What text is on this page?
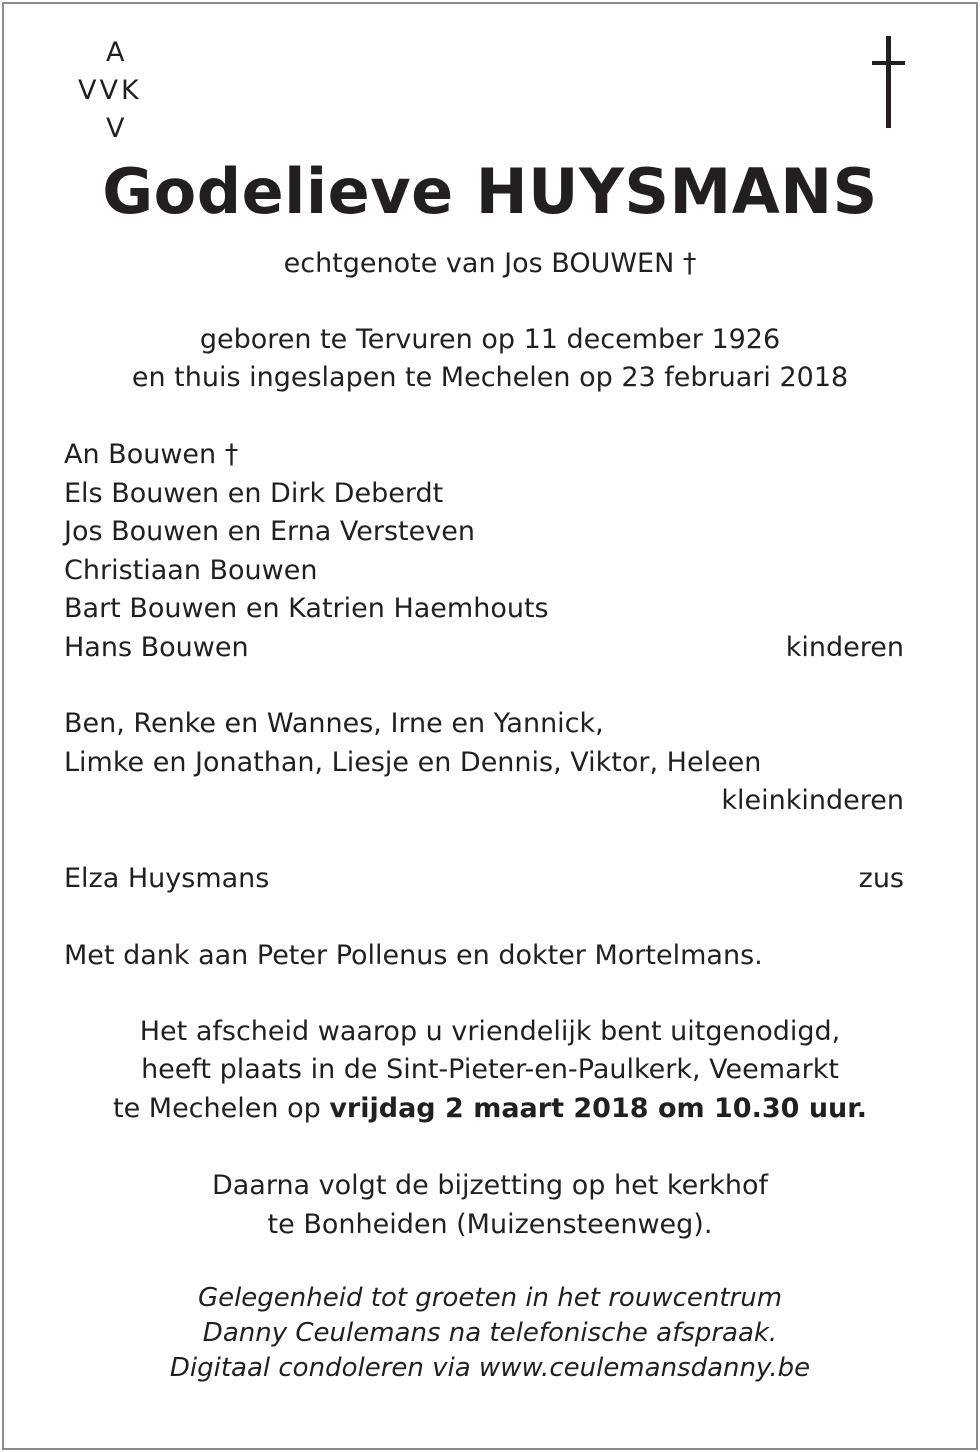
A
VVK
V
Godelieve HUYSMANS
echtgenote van Jos BOUWEN †
geboren te Tervuren op 11 december 1926
en thuis ingeslapen te Mechelen op 23 februari 2018
An Bouwen †
Els Bouwen en Dirk Deberdt
Jos Bouwen en Erna Versteven
Christiaan Bouwen
Bart Bouwen en Katrien Haemhouts
Hans Bouwen	kinderen
Ben, Renke en Wannes, Irne en Yannick,
Limke en Jonathan, Liesje en Dennis, Viktor, Heleen
kleinkinderen
Elza Huysmans	zus
Met dank aan Peter Pollenus en dokter Mortelmans.
Het afscheid waarop u vriendelijk bent uitgenodigd,
heeft plaats in de Sint-Pieter-en-Paulkerk, Veemarkt
te Mechelen op vrijdag 2 maart 2018 om 10.30 uur.
Daarna volgt de bijzetting op het kerkhof
te Bonheiden (Muizensteenweg).
Gelegenheid tot groeten in het rouwcentrum
Danny Ceulemans na telefonische afspraak.
Digitaal condoleren via www.ceulemansdanny.be
